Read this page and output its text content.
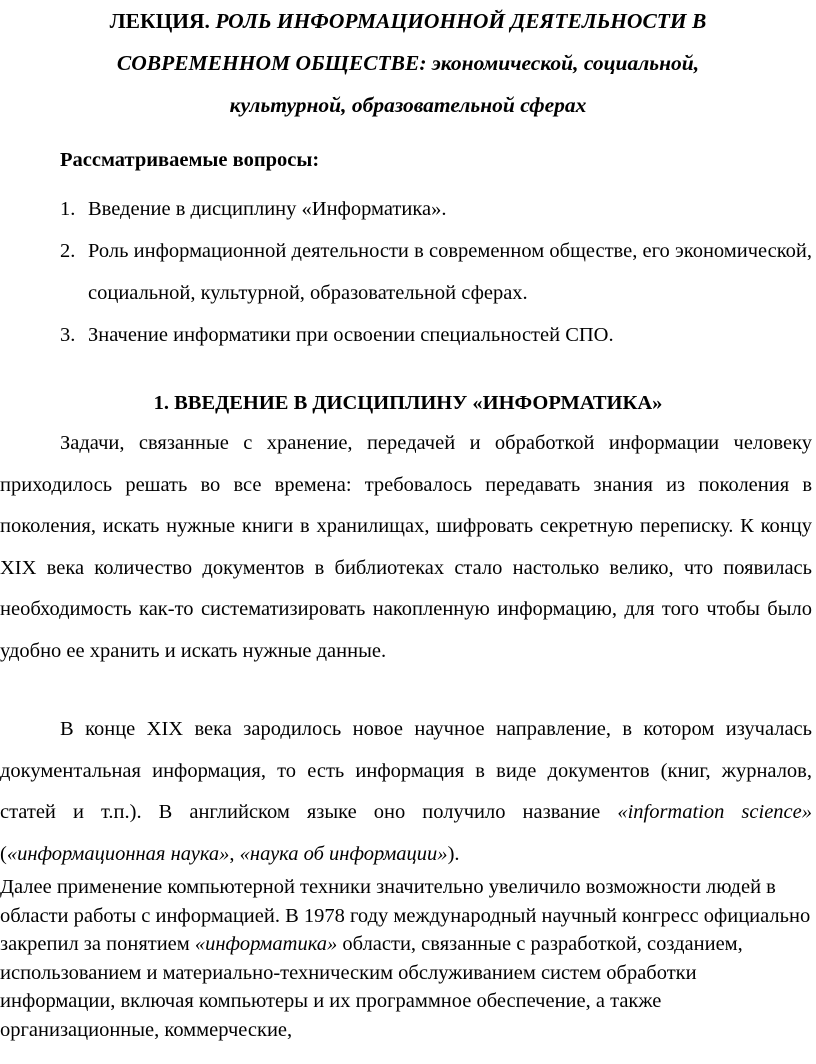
ЛЕКЦИЯ. РОЛЬ ИНФОРМАЦИОННОЙ ДЕЯТЕЛЬНОСТИ В
СОВРЕМЕННОМ ОБЩЕСТВЕ: экономической, социальной,
культурной, образовательной сферах
Рассматриваемые вопросы:
1. Введение в дисциплину «Информатика».
2. Роль информационной деятельности в современном обществе, его экономической, социальной, культурной, образовательной сферах.
3. Значение информатики при освоении специальностей СПО.
1. ВВЕДЕНИЕ В ДИСЦИПЛИНУ «ИНФОРМАТИКА»

Задачи, связанные с хранение, передачей и обработкой информации человеку приходилось решать во все времена: требовалось передавать знания из поколения в поколения, искать нужные книги в хранилищах, шифровать секретную переписку. К концу XIX века количество документов в библиотеках стало настолько велико, что появилась необходимость как-то систематизировать накопленную информацию, для того чтобы было удобно ее хранить и искать нужные данные.

В конце XIX века зародилось новое научное направление, в котором изучалась документальная информация, то есть информация в виде документов (книг, журналов, статей и т.п.). В английском языке оно получило название «information science» («информационная наука», «наука об информации»).

Далее применение компьютерной техники значительно увеличило возможности людей в области работы с информацией. В 1978 году международный научный конгресс официально закрепил за понятием «информатика» области, связанные с разработкой, созданием, использованием и материально-техническим обслуживанием систем обработки информации, включая компьютеры и их программное обеспечение, а также организационные, коммерческие,
